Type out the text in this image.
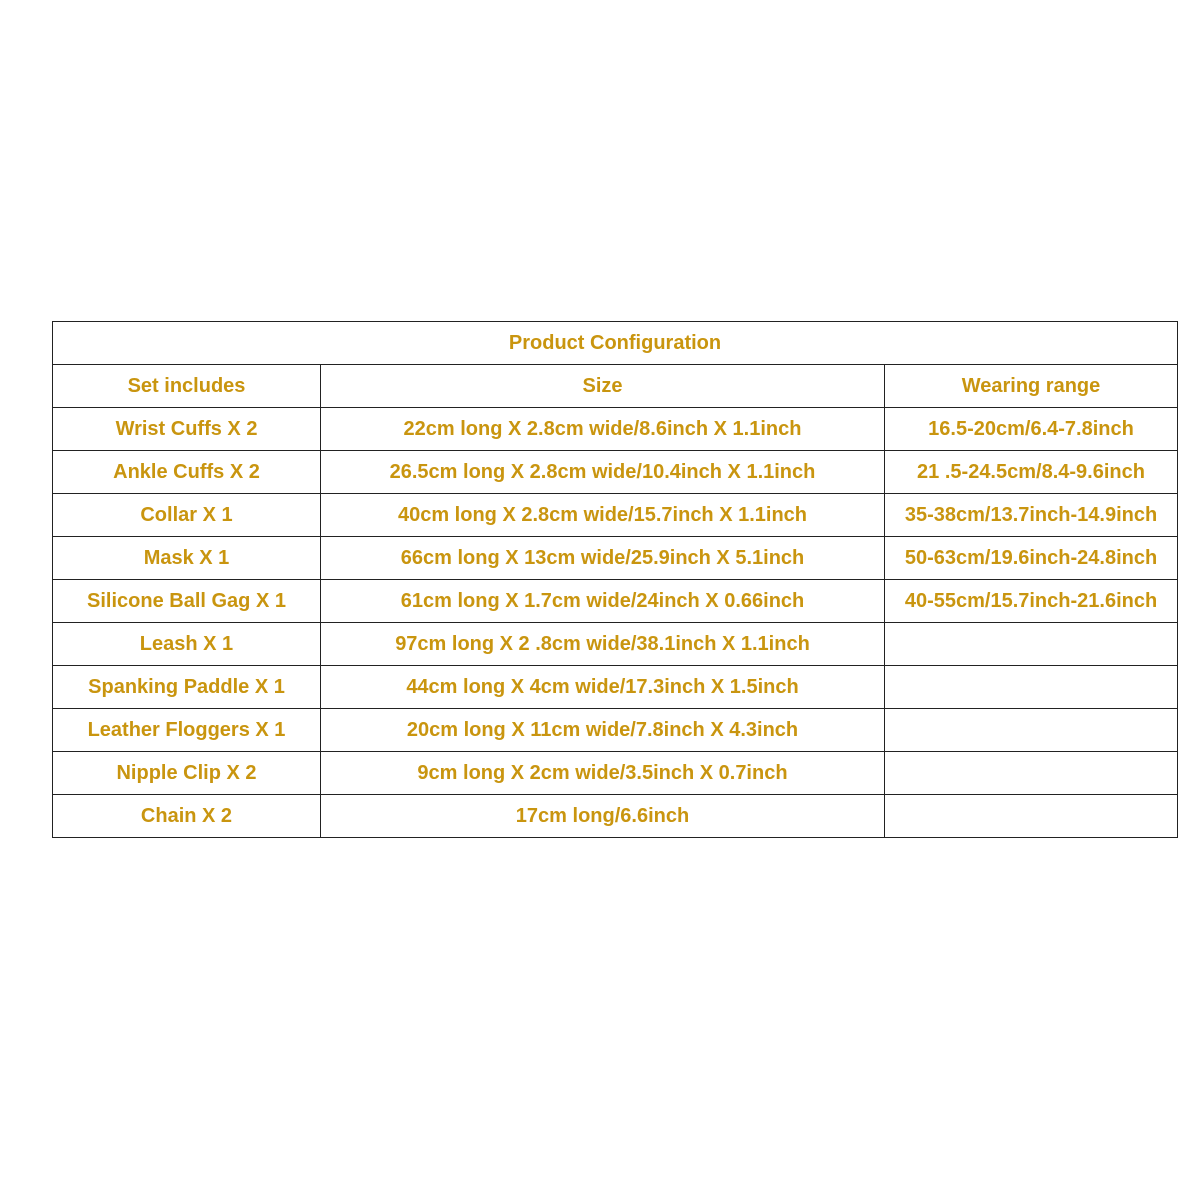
Product Configuration		
Set includes	Size	Wearing range
Wrist Cuffs X 2	22cm long X 2.8cm wide/8.6inch X 1.1inch	16.5-20cm/6.4-7.8inch
Ankle Cuffs X 2	26.5cm long X 2.8cm wide/10.4inch X 1.1inch	21 .5-24.5cm/8.4-9.6inch
Collar X 1	40cm long X 2.8cm wide/15.7inch X 1.1inch	35-38cm/13.7inch-14.9inch
Mask X 1	66cm long X 13cm wide/25.9inch X 5.1inch	50-63cm/19.6inch-24.8inch
Silicone Ball Gag X 1	61cm long X 1.7cm wide/24inch X 0.66inch	40-55cm/15.7inch-21.6inch
Leash X 1	97cm long X 2 .8cm wide/38.1inch X 1.1inch	
Spanking Paddle X 1	44cm long X 4cm wide/17.3inch X 1.5inch	
Leather Floggers X 1	20cm long X 11cm wide/7.8inch X 4.3inch	
Nipple Clip X 2	9cm long X 2cm wide/3.5inch X 0.7inch	
Chain X 2	17cm long/6.6inch	
